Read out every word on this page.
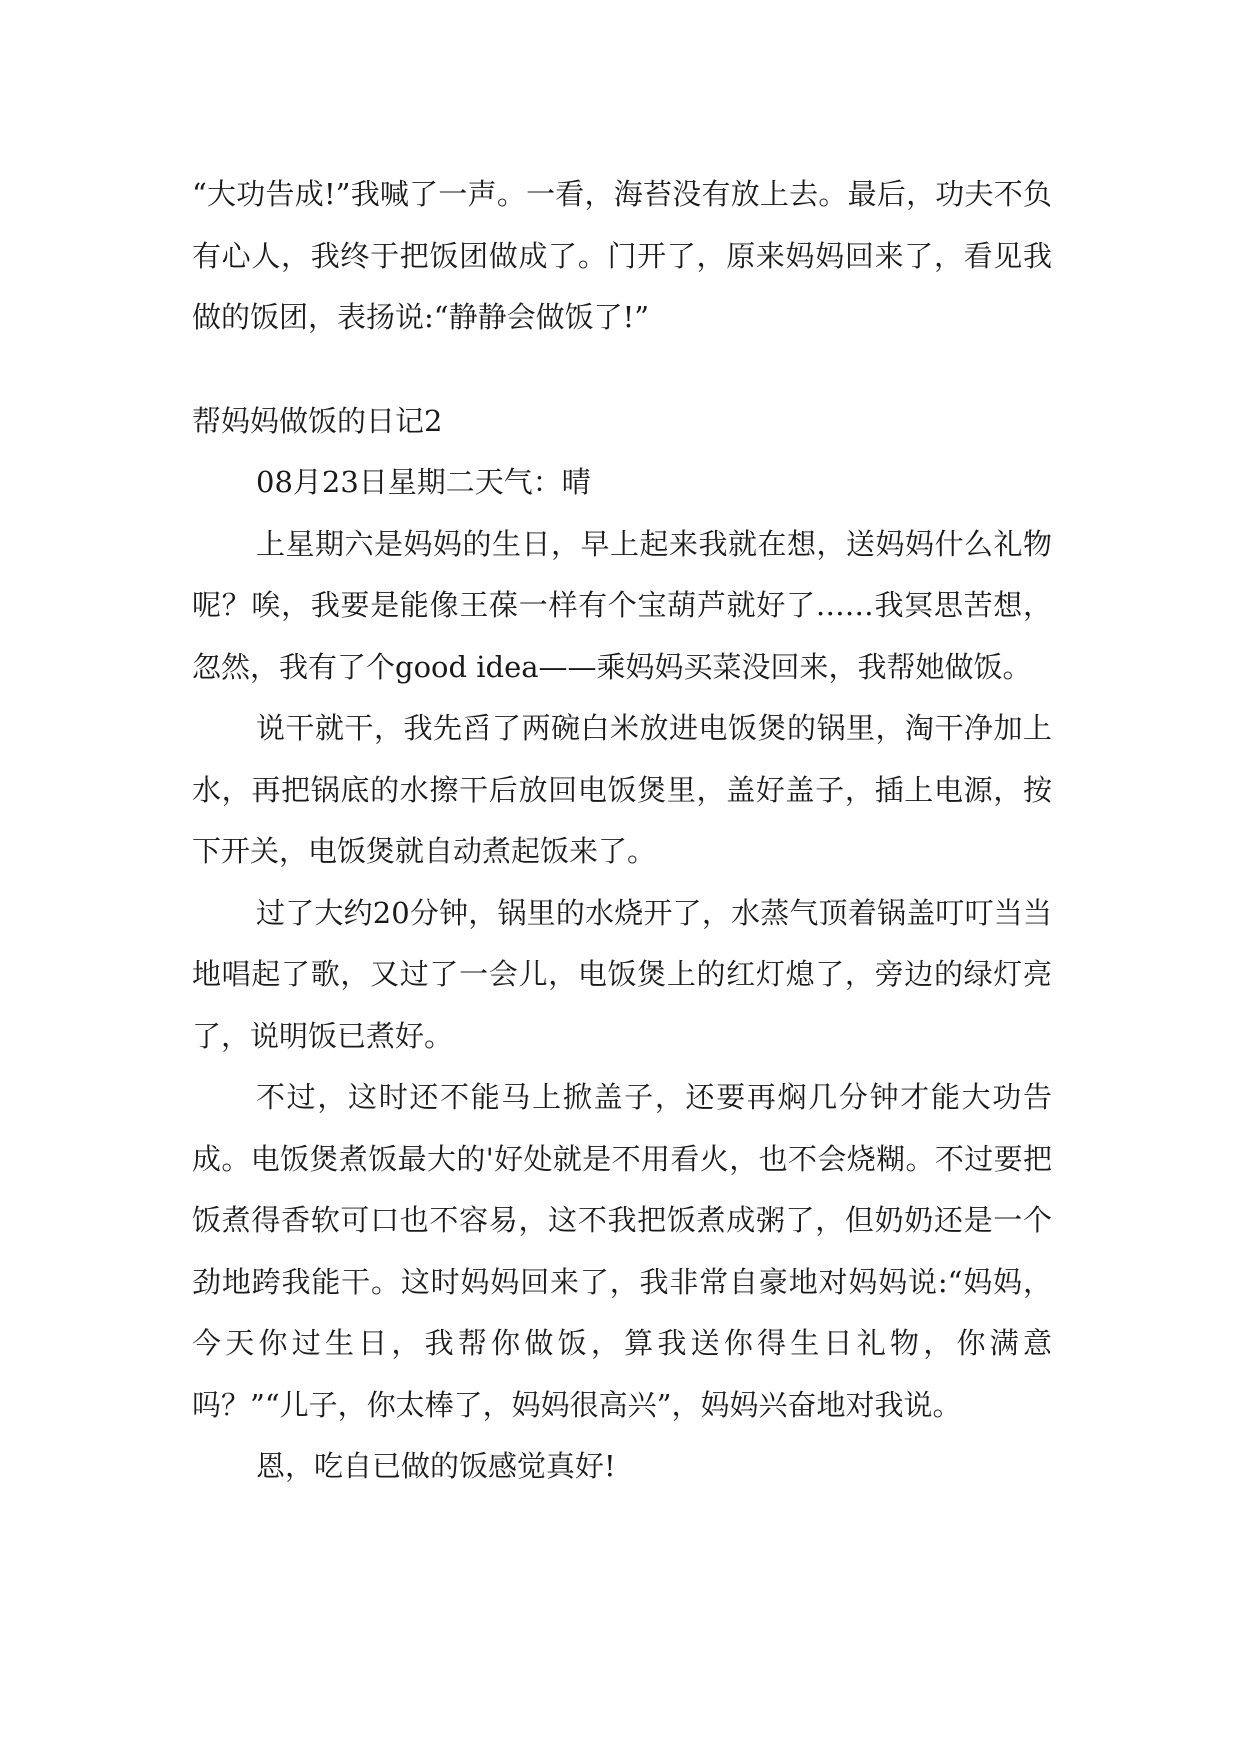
“大功告成!”我喊了一声。一看，海苔没有放上去。最后，功夫不负有心人，我终于把饭团做成了。门开了，原来妈妈回来了，看见我做的饭团，表扬说:“静静会做饭了!”

帮妈妈做饭的日记2

08月23日星期二天气：晴

上星期六是妈妈的生日，早上起来我就在想，送妈妈什么礼物呢？唉，我要是能像王葆一样有个宝葫芦就好了……我冥思苦想，忽然，我有了个good idea——乘妈妈买菜没回来，我帮她做饭。

说干就干，我先舀了两碗白米放进电饭煲的锅里，淘干净加上水，再把锅底的水擦干后放回电饭煲里，盖好盖子，插上电源，按下开关，电饭煲就自动煮起饭来了。

过了大约20分钟，锅里的水烧开了，水蒸气顶着锅盖叮叮当当地唱起了歌，又过了一会儿，电饭煲上的红灯熄了，旁边的绿灯亮了，说明饭已煮好。

不过，这时还不能马上掀盖子，还要再焖几分钟才能大功告成。电饭煲煮饭最大的'好处就是不用看火，也不会烧糊。不过要把饭煮得香软可口也不容易，这不我把饭煮成粥了，但奶奶还是一个劲地跨我能干。这时妈妈回来了，我非常自豪地对妈妈说:“妈妈，今天你过生日，我帮你做饭，算我送你得生日礼物，你满意吗？”“儿子，你太棒了，妈妈很高兴”，妈妈兴奋地对我说。

恩，吃自已做的饭感觉真好!
